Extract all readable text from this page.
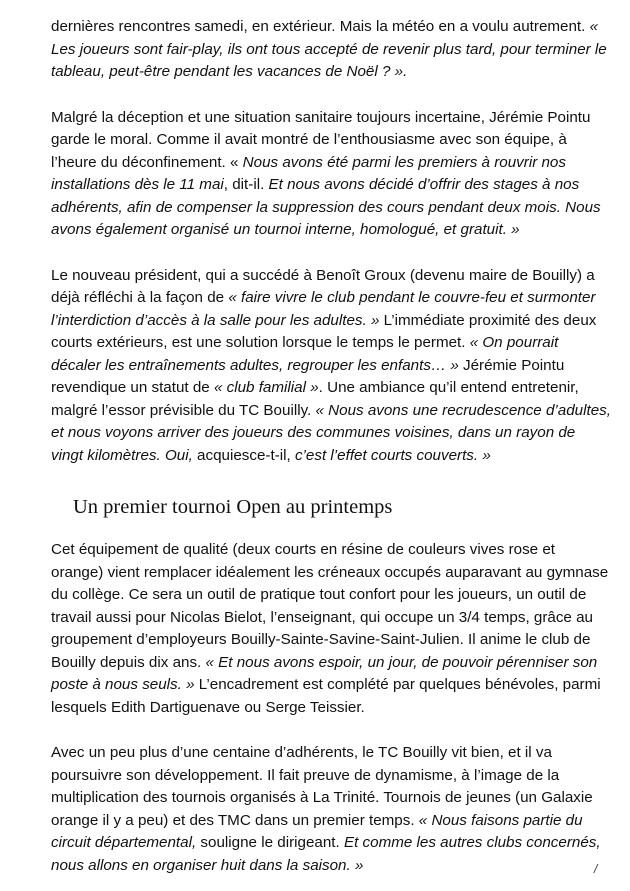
dernières rencontres samedi, en extérieur. Mais la météo en a voulu autrement. « Les joueurs sont fair-play, ils ont tous accepté de revenir plus tard, pour terminer le tableau, peut-être pendant les vacances de Noël ? ».

Malgré la déception et une situation sanitaire toujours incertaine, Jérémie Pointu garde le moral. Comme il avait montré de l’enthousiasme avec son équipe, à l’heure du déconfinement. « Nous avons été parmi les premiers à rouvrir nos installations dès le 11 mai, dit-il. Et nous avons décidé d’offrir des stages à nos adhérents, afin de compenser la suppression des cours pendant deux mois. Nous avons également organisé un tournoi interne, homologué, et gratuit. »

Le nouveau président, qui a succédé à Benoît Groux (devenu maire de Bouilly) a déjà réfléchi à la façon de « faire vivre le club pendant le couvre-feu et surmonter l’interdiction d’accès à la salle pour les adultes. » L’immédiate proximité des deux courts extérieurs, est une solution lorsque le temps le permet. « On pourrait décaler les entraînements adultes, regrouper les enfants… » Jérémie Pointu revendique un statut de « club familial ». Une ambiance qu’il entend entretenir, malgré l’essor prévisible du TC Bouilly. « Nous avons une recrudescence d’adultes, et nous voyons arriver des joueurs des communes voisines, dans un rayon de vingt kilomètres. Oui, acquiesce-t-il, c’est l’effet courts couverts. »

Un premier tournoi Open au printemps

Cet équipement de qualité (deux courts en résine de couleurs vives rose et orange) vient remplacer idéalement les créneaux occupés auparavant au gymnase du collège. Ce sera un outil de pratique tout confort pour les joueurs, un outil de travail aussi pour Nicolas Bielot, l’enseignant, qui occupe un 3/4 temps, grâce au groupement d’employeurs Bouilly-Sainte-Savine-Saint-Julien. Il anime le club de Bouilly depuis dix ans. « Et nous avons espoir, un jour, de pouvoir pérenniser son poste à nous seuls. » L’encadrement est complété par quelques bénévoles, parmi lesquels Edith Dartiguenave ou Serge Teissier.

Avec un peu plus d’une centaine d’adhérents, le TC Bouilly vit bien, et il va poursuivre son développement. Il fait preuve de dynamisme, à l’image de la multiplication des tournois organisés à La Trinité. Tournois de jeunes (un Galaxie orange il y a peu) et des TMC dans un premier temps. « Nous faisons partie du circuit départemental, souligne le dirigeant. Et comme les autres clubs concernés, nous allons en organiser huit dans la saison. »	/
